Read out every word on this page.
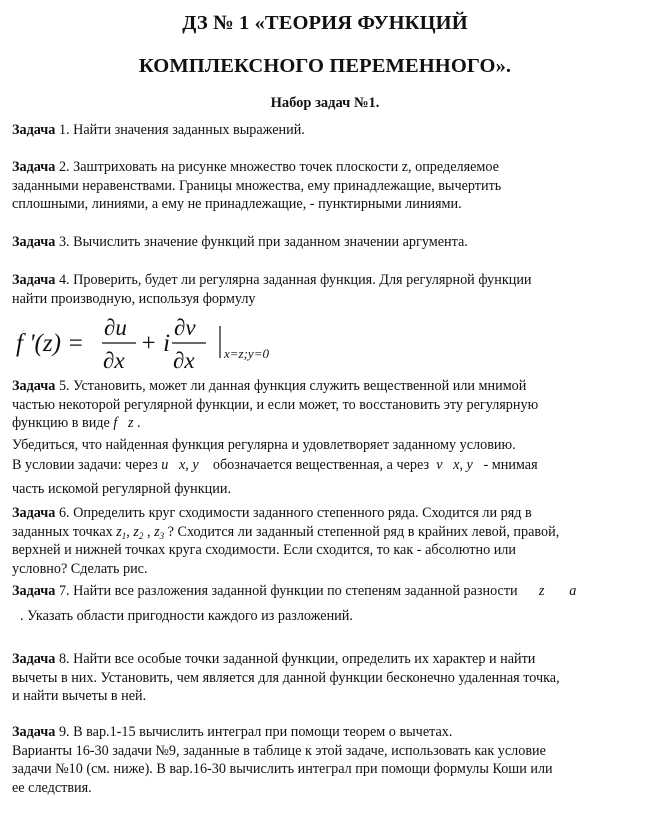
ДЗ № 1 «ТЕОРИЯ ФУНКЦИЙ
КОМПЛЕКСНОГО ПЕРЕМЕННОГО».
Набор задач №1.
Задача 1. Найти значения заданных выражений.
Задача 2. Заштриховать на рисунке множество точек плоскости z, определяемое
заданными неравенствами. Границы множества, ему принадлежащие, вычертить
сплошными, линиями, а ему не принадлежащие, - пунктирными линиями.
Задача 3. Вычислить значение функций при заданном значении аргумента.
Задача 4. Проверить, будет ли регулярна заданная функция. Для регулярной функции
найти производную, используя формулу
f '(z) =
∂u
∂x
+ i
∂v
∂x x=z;y=0
Задача 5. Установить, может ли данная функция служить вещественной или мнимой
частью некоторой регулярной функции, и если может, то восстановить эту регулярную
функцию в виде f z .
Убедиться, что найденная функция регулярна и удовлетворяет заданному условию.
В условии задачи: через u x, y обозначается вещественная, а через v x, y - мнимая
часть искомой регулярной функции.
Задача 6. Определить круг сходимости заданного степенного ряда. Сходится ли ряд в
заданных точках $z_1$, $z_2$ , $z_3$ ? Сходится ли заданный степенной ряд в крайних левой, правой,
верхней и нижней точках круга сходимости. Если сходится, то как - абсолютно или
условно? Сделать рис.
Задача 7. Найти все разложения заданной функции по степеням заданной разности z a
. Указать области пригодности каждого из разложений.
Задача 8. Найти все особые точки заданной функции, определить их характер и найти
вычеты в них. Установить, чем является для данной функции бесконечно удаленная точка,
и найти вычеты в ней.
Задача 9. В вар.1-15 вычислить интеграл при помощи теорем о вычетах.
Варианты 16-30 задачи №9, заданные в таблице к этой задаче, использовать как условие
задачи №10 (см. ниже). В вар.16-30 вычислить интеграл при помощи формулы Коши или
ее следствия.
